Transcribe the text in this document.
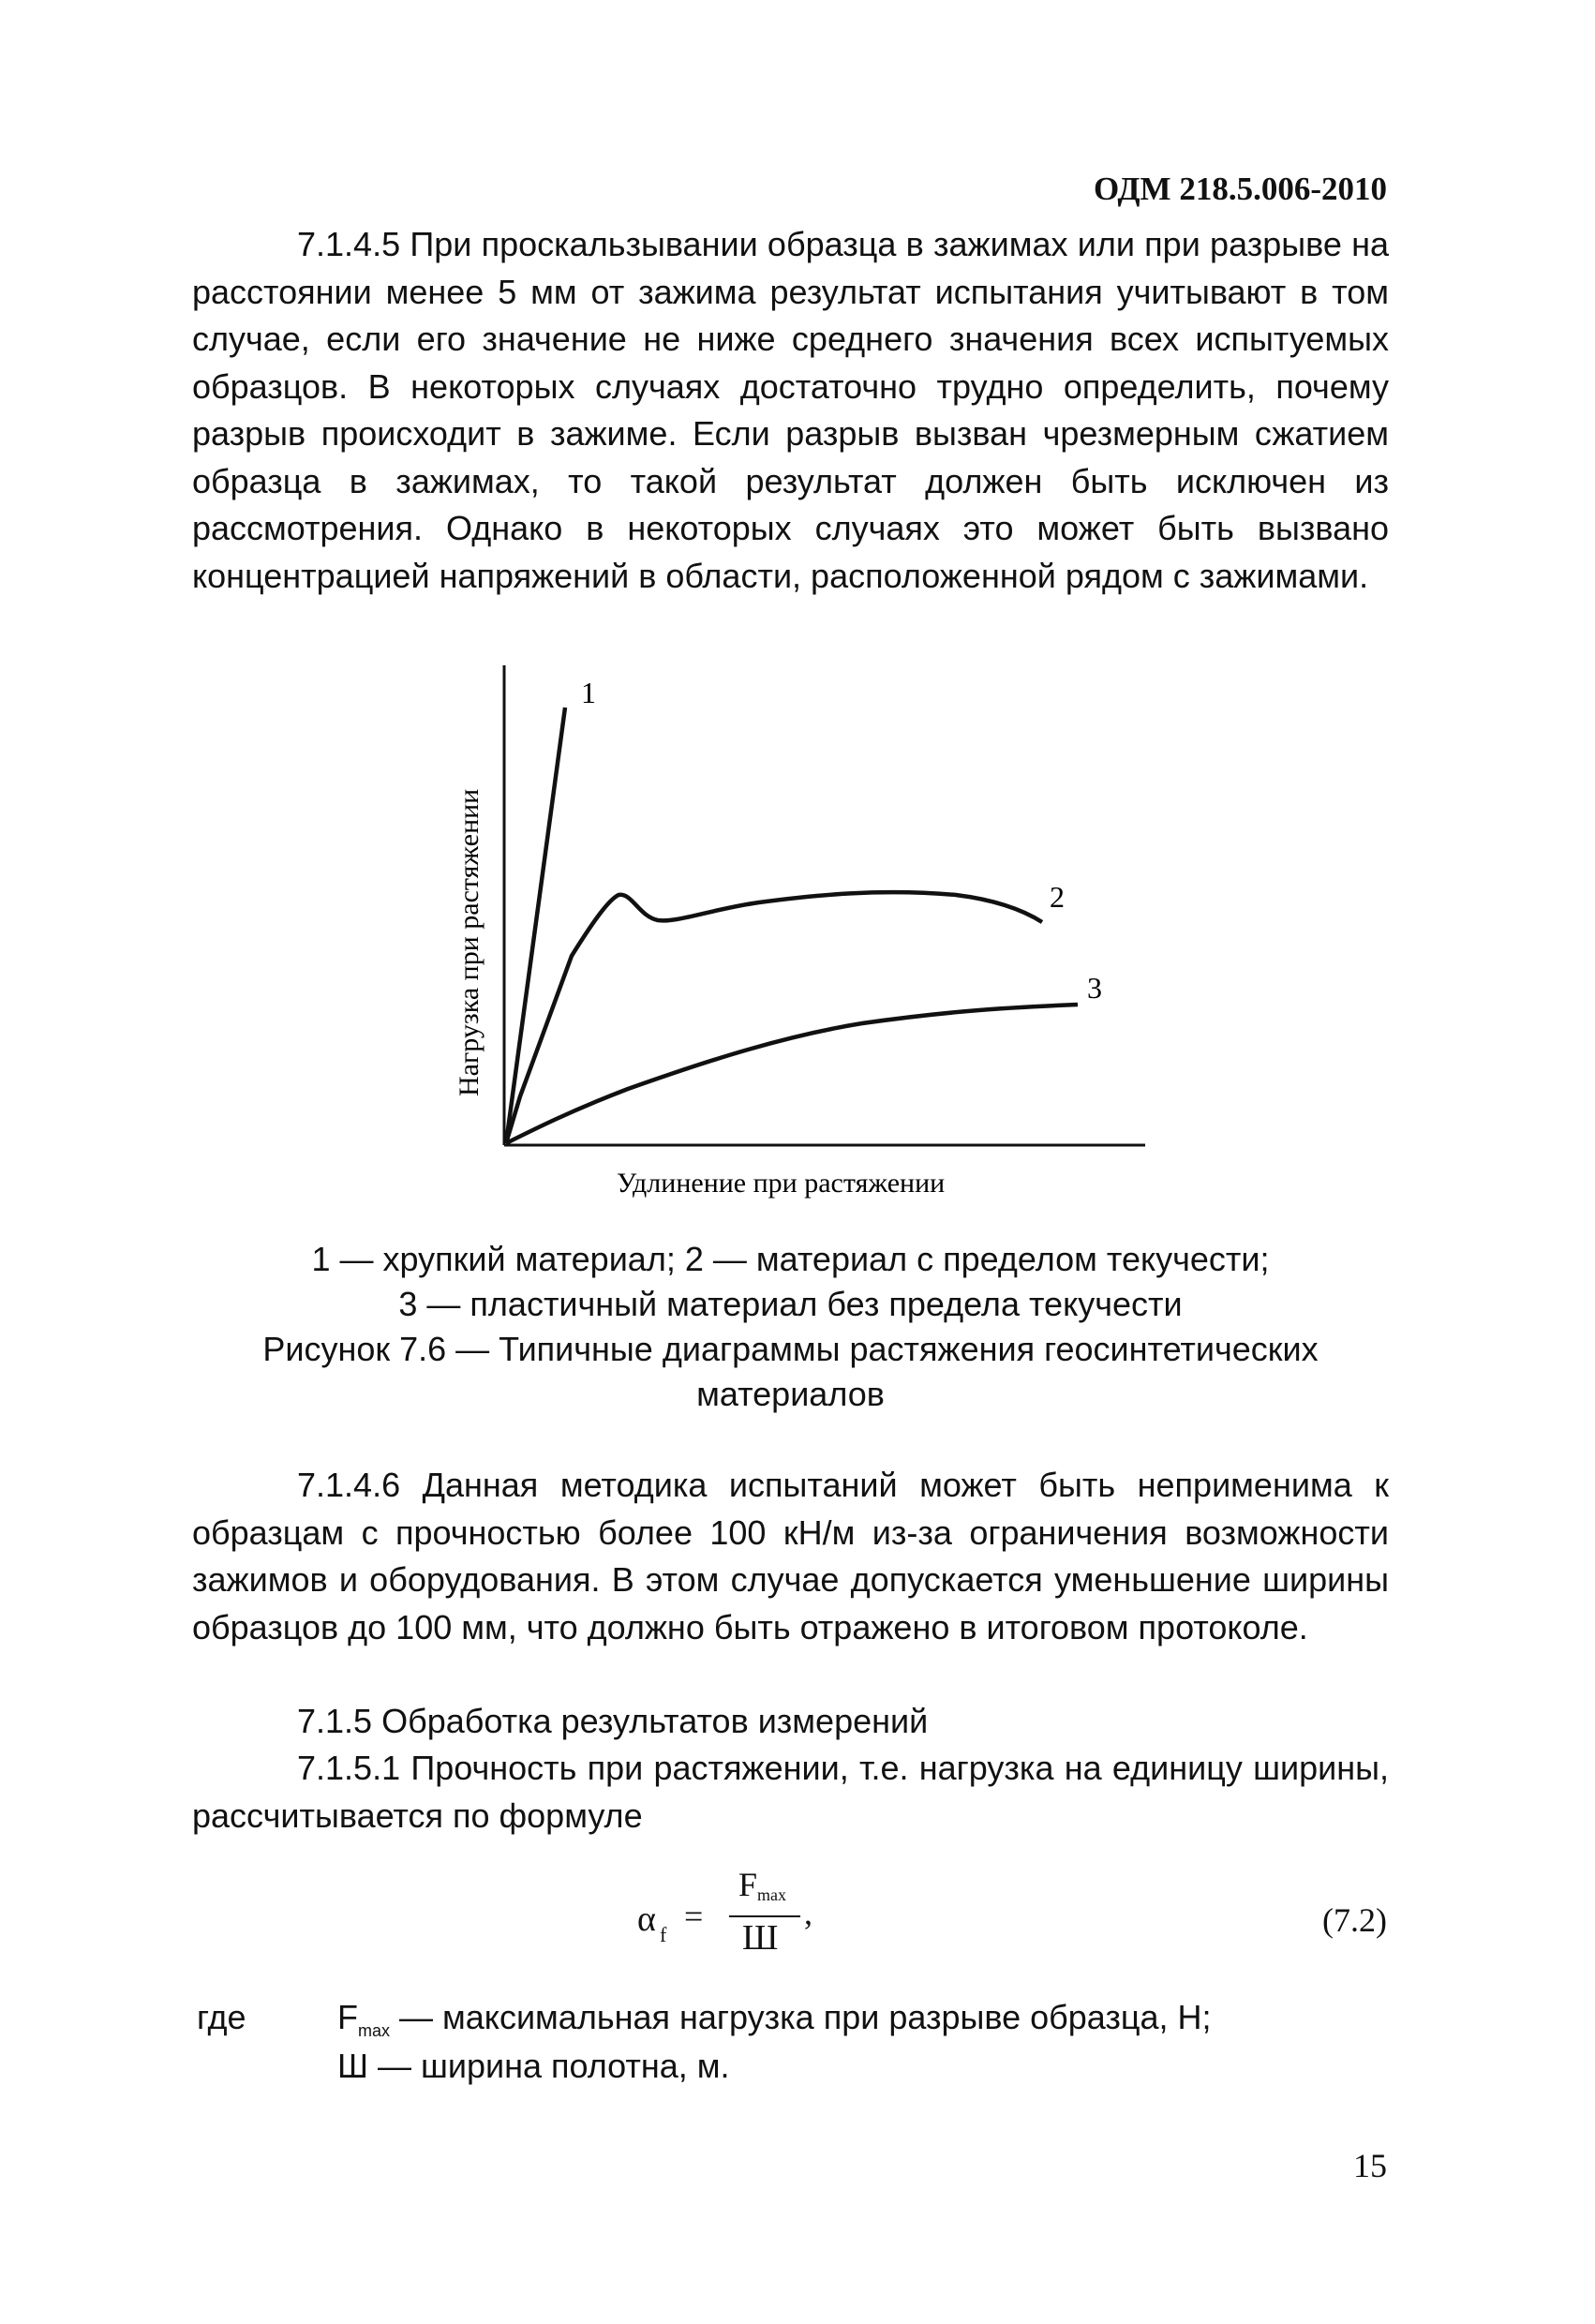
ОДМ 218.5.006-2010
7.1.4.5 При проскальзывании образца в зажимах или при разрыве на расстоянии менее 5 мм от зажима результат испытания учитывают в том случае, если его значение не ниже среднего значения всех испытуемых образцов. В некоторых случаях достаточно трудно определить, почему разрыв происходит в зажиме. Если разрыв вызван чрезмерным сжатием образца в зажимах, то такой результат должен быть исключен из рассмотрения. Однако в некоторых случаях это может быть вызвано концентрацией напряжений в области, расположенной рядом с зажимами.
1
2
3
Нагрузка при растяжении
Удлинение при растяжении
1 — хрупкий материал; 2 — материал с пределом текучести;
3 — пластичный материал без предела текучести
Рисунок 7.6 — Типичные диаграммы растяжения геосинтетических
материалов
7.1.4.6 Данная методика испытаний может быть неприменима к образцам с прочностью более 100 кН/м из-за ограничения возможности зажимов и оборудования. В этом случае допускается уменьшение ширины образцов до 100 мм, что должно быть отражено в итоговом протоколе.
7.1.5 Обработка результатов измерений
7.1.5.1 Прочность при растяжении, т.е. нагрузка на единицу ширины, рассчитывается по формуле
α f =
F max
Ш
,	(7.2)
где	$F_{max}$ — максимальная нагрузка при разрыве образца, Н;
Ш — ширина полотна, м.
15
